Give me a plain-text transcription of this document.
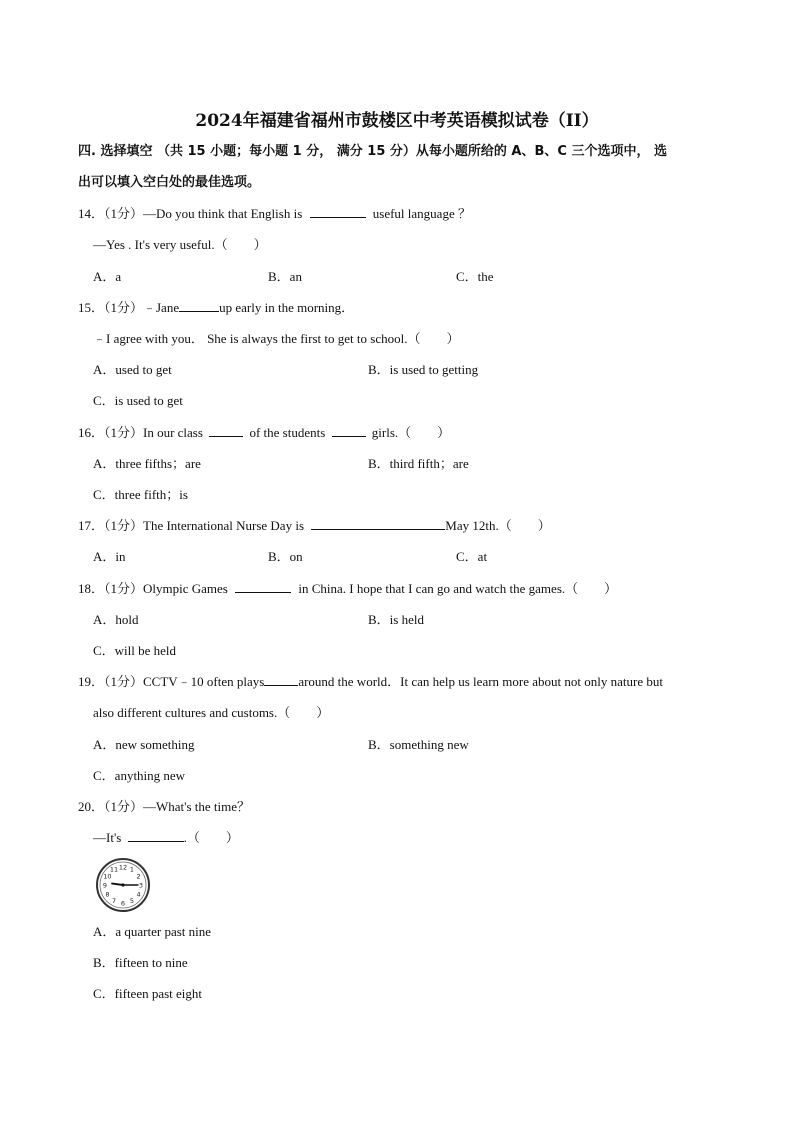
2024年福建省福州市鼓楼区中考英语模拟试卷（II）
四. 选择填空 （共 15 小题；每小题 1 分， 满分 15 分）从每小题所给的 A、B、C 三个选项中， 选
出可以填入空白处的最佳选项。
14．（1分）—Do you think that English is	useful language ？
—Yes . It's very useful.（　　）
A．a	B．an	C．the
15．（1分）﹣Jane	up early in the morning．
﹣I agree with you． She is always the first to get to school.（　　）
A．used to get	B．is used to getting
C．is used to get
16．（1分）In our class	of the students	girls.（　　）
A．three fifths；are	B．third fifth；are
C．three fifth；is
17．（1分）The International Nurse Day is	May 12th.（　　）
A．in	B．on	C．at
18．（1分）Olympic Games	in China. I hope that I can go and watch the games.（　　）
A．hold	B．is held
C．will be held
19．（1分）CCTV﹣10 often plays	around the world．It can help us learn more about not only nature but
also different cultures and customs.（　　）
A．new something	B．something new
C．anything new
20．（1分）—What's the time？
—It's	.（　　）
1
2
3
4
5
6
7
8
9
10
11 12
A．a quarter past nine
B．fifteen to nine
C．fifteen past eight
